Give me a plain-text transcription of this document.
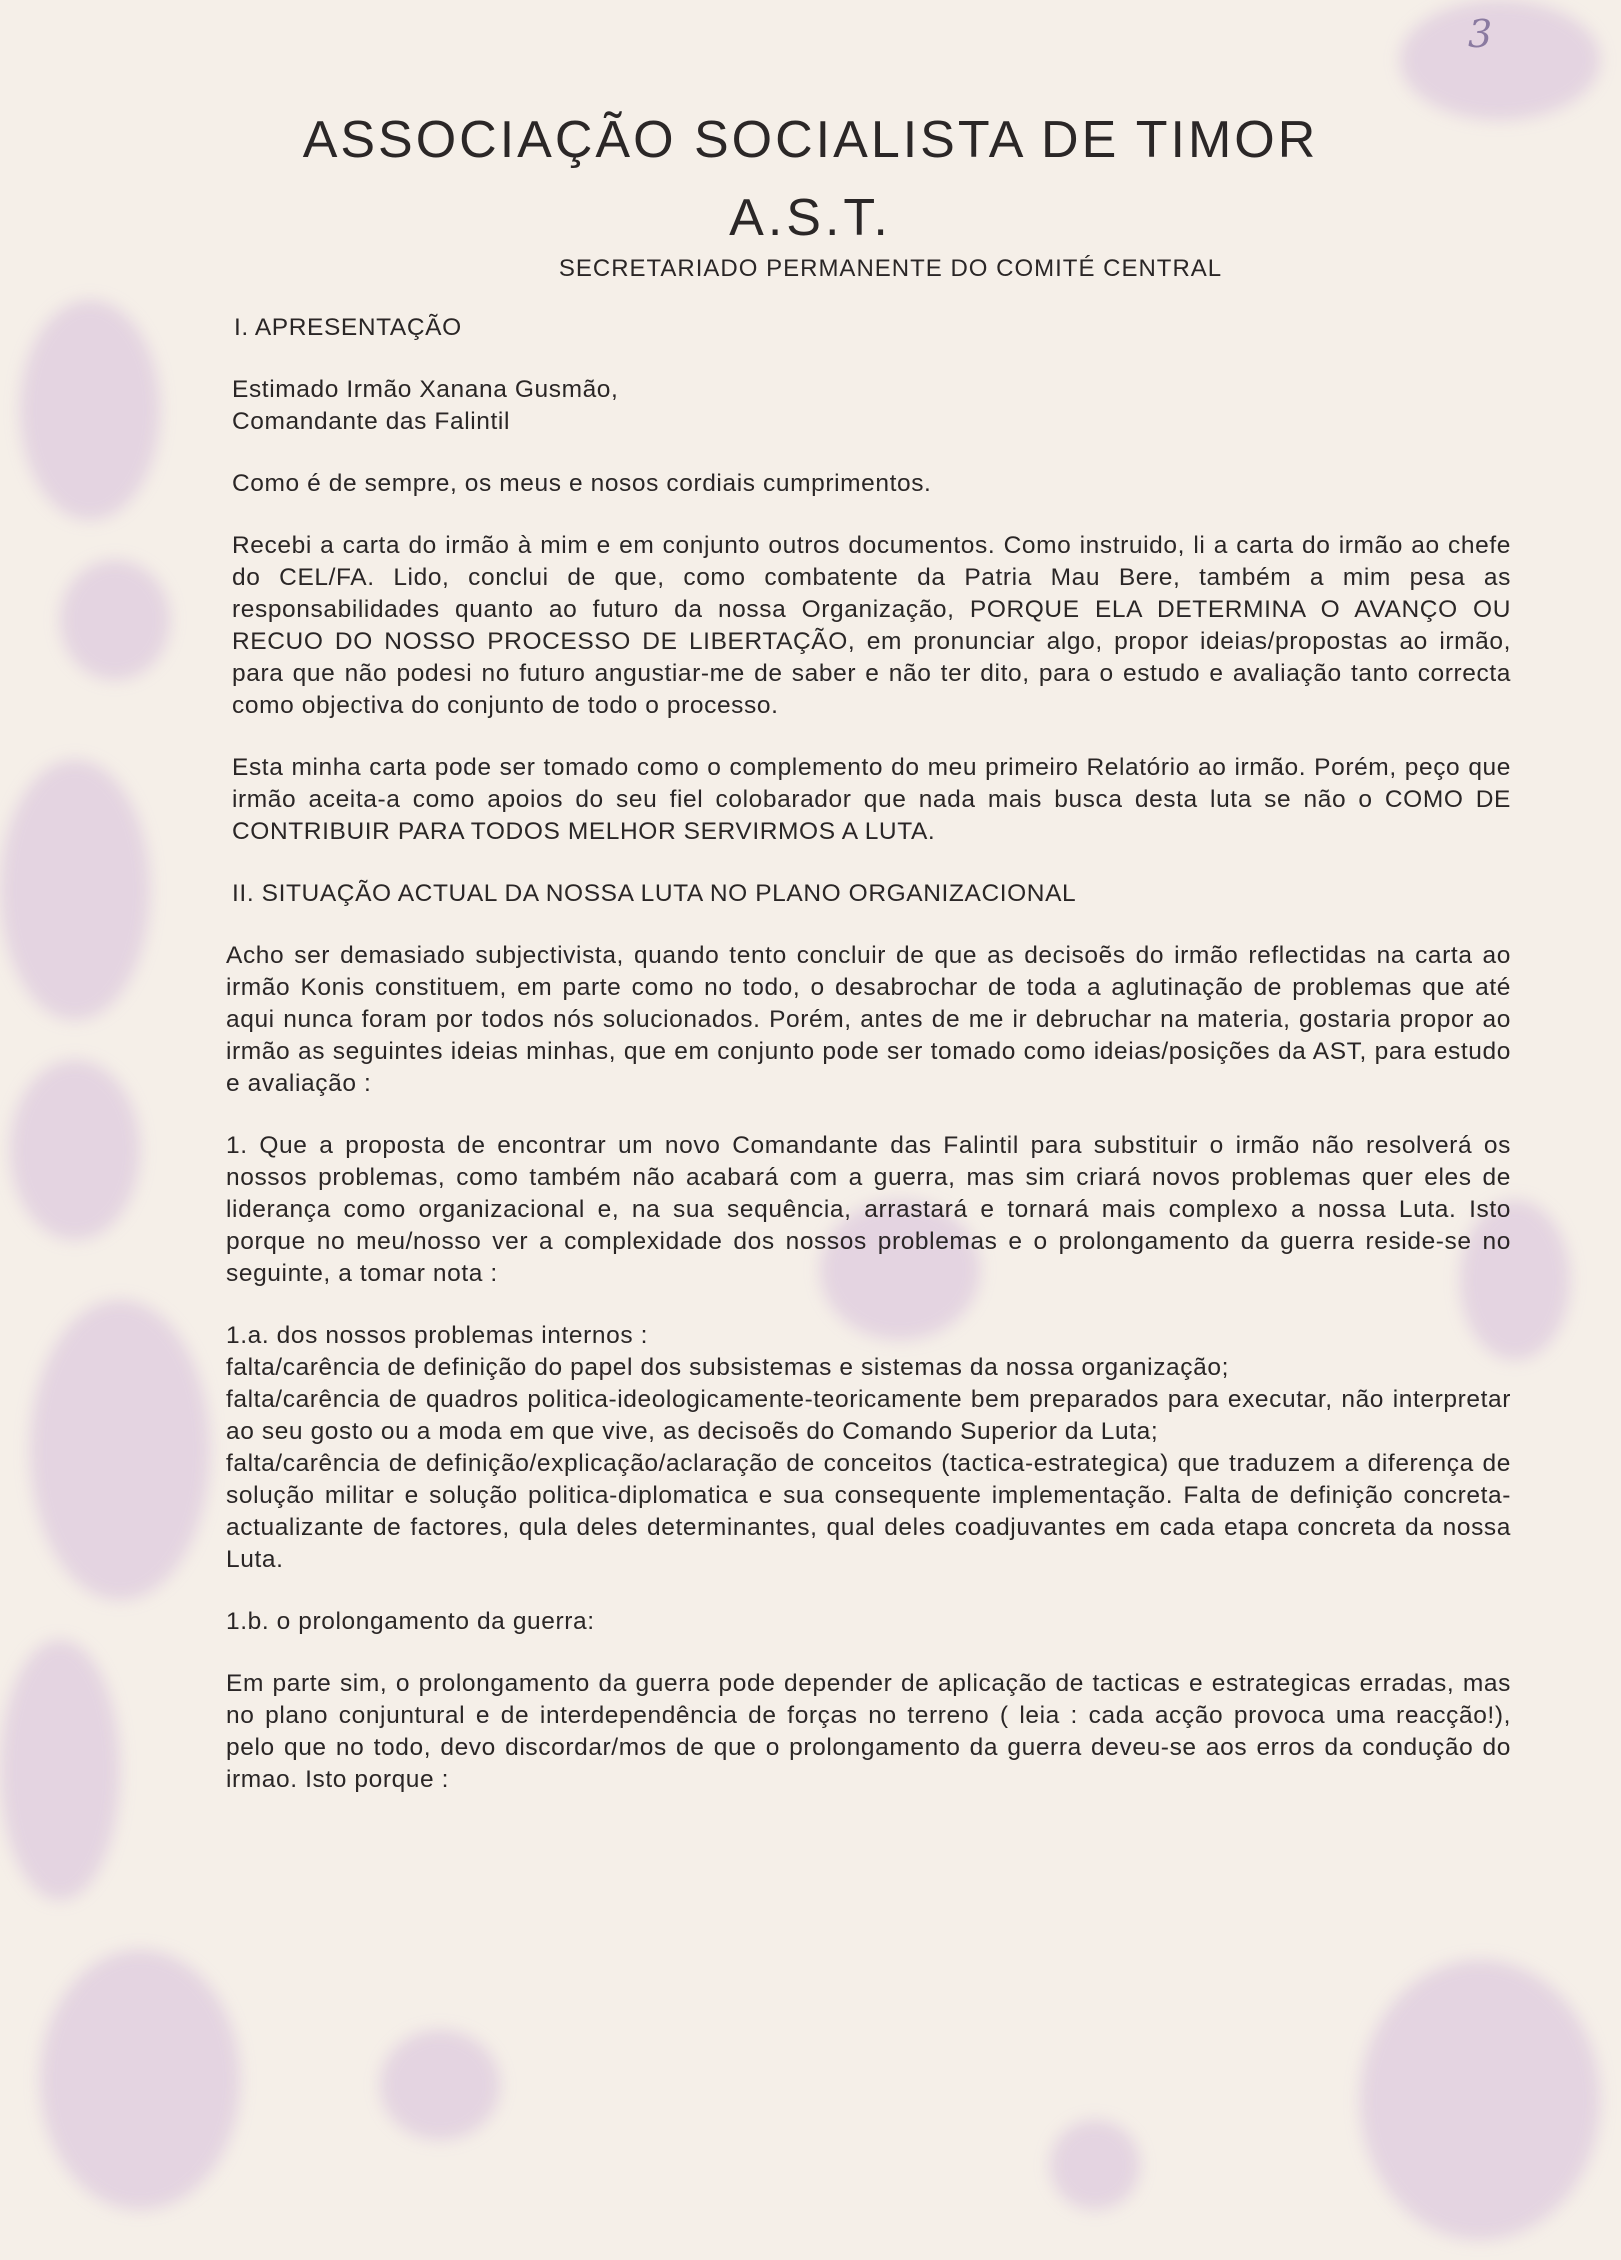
3
ASSOCIAÇÃO SOCIALISTA DE TIMOR
A.S.T.
SECRETARIADO PERMANENTE DO COMITÉ CENTRAL

I. APRESENTAÇÃO

Estimado Irmão Xanana Gusmão,

Comandante das Falintil

Como é de sempre, os meus e nosos cordiais cumprimentos.

Recebi a carta do irmão à mim e em conjunto outros documentos. Como instruido, li a carta do irmão ao chefe do CEL/FA. Lido, conclui de que, como combatente da Patria Mau Bere, também a mim pesa as responsabilidades quanto ao futuro da nossa Organização, PORQUE ELA DETERMINA O AVANÇO OU RECUO DO NOSSO PROCESSO DE LIBERTAÇÃO, em pronunciar algo, propor ideias/propostas ao irmão, para que não podesi no futuro angustiar-me de saber e não ter dito, para o estudo e avaliação tanto correcta como objectiva do conjunto de todo o processo.

Esta minha carta pode ser tomado como o complemento do meu primeiro Relatório ao irmão. Porém, peço que irmão aceita-a como apoios do seu fiel colobarador que nada mais busca desta luta se não o COMO DE CONTRIBUIR PARA TODOS MELHOR SERVIRMOS A LUTA.

II. SITUAÇÃO ACTUAL DA NOSSA LUTA NO PLANO ORGANIZACIONAL

Acho ser demasiado subjectivista, quando tento concluir de que as decisoẽs do irmão reflectidas na carta ao irmão Konis constituem, em parte como no todo, o desabrochar de toda a aglutinação de problemas que até aqui nunca foram por todos nós solucionados. Porém, antes de me ir debruchar na materia, gostaria propor ao irmão as seguintes ideias minhas, que em conjunto pode ser tomado como ideias/posições da AST, para estudo e avaliação :

1. Que a proposta de encontrar um novo Comandante das Falintil para substituir o irmão não resolverá os nossos problemas, como também não acabará com a guerra, mas sim criará novos problemas quer eles de liderança como organizacional e, na sua sequência, arrastará e tornará mais complexo a nossa Luta. Isto porque no meu/nosso ver a complexidade dos nossos problemas e o prolongamento da guerra reside-se no seguinte, a tomar nota :

1.a. dos nossos problemas internos :

falta/carência de definição do papel dos subsistemas e sistemas da nossa organização;

falta/carência de quadros politica-ideologicamente-teoricamente bem preparados para executar, não interpretar ao seu gosto ou a moda em que vive, as decisoẽs do Comando Superior da Luta;

falta/carência de definição/explicação/aclaração de conceitos (tactica-estrategica) que traduzem a diferença de solução militar e solução politica-diplomatica e sua consequente implementação. Falta de definição concreta-actualizante de factores, qula deles determinantes, qual deles coadjuvantes em cada etapa concreta da nossa Luta.

1.b. o prolongamento da guerra:

Em parte sim, o prolongamento da guerra pode depender de aplicação de tacticas e estrategicas erradas, mas no plano conjuntural e de interdependência de forças no terreno ( leia : cada acção provoca uma reacção!), pelo que no todo, devo discordar/mos de que o prolongamento da guerra deveu-se aos erros da condução do irmao. Isto porque :
